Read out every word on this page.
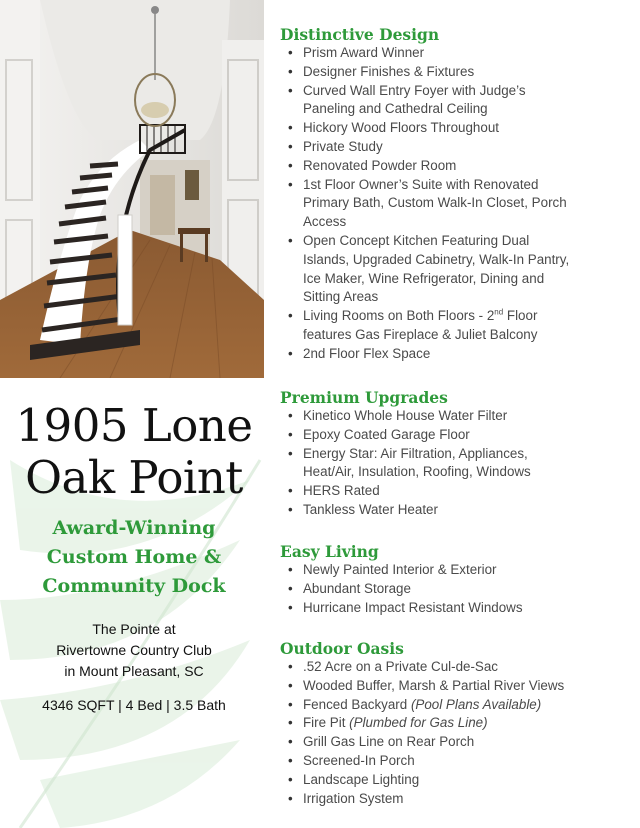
1905 Lone
Oak Point
Award-Winning
Custom Home &
Community Dock
The Pointe at
Rivertowne Country Club
in Mount Pleasant, SC
4346 SQFT | 4 Bed | 3.5 Bath
Distinctive Design
• Prism Award Winner
• Designer Finishes & Fixtures
• Curved Wall Entry Foyer with Judge’s
Paneling and Cathedral Ceiling
• Hickory Wood Floors Throughout
• Private Study
• Renovated Powder Room
• 1st Floor Owner’s Suite with Renovated
Primary Bath, Custom Walk-In Closet, Porch
Access
• Open Concept Kitchen Featuring Dual
Islands, Upgraded Cabinetry, Walk-In Pantry,
Ice Maker, Wine Refrigerator, Dining and
Sitting Areas
• Living Rooms on Both Floors - 2nd Floor
features Gas Fireplace & Juliet Balcony
• 2nd Floor Flex Space
Premium Upgrades
• Kinetico Whole House Water Filter
• Epoxy Coated Garage Floor
• Energy Star: Air Filtration, Appliances,
Heat/Air, Insulation, Roofing, Windows
• HERS Rated
• Tankless Water Heater
Easy Living
• Newly Painted Interior & Exterior
• Abundant Storage
• Hurricane Impact Resistant Windows
Outdoor Oasis
• .52 Acre on a Private Cul-de-Sac
• Wooded Buffer, Marsh & Partial River Views
• Fenced Backyard (Pool Plans Available)
• Fire Pit (Plumbed for Gas Line)
• Grill Gas Line on Rear Porch
• Screened-In Porch
• Landscape Lighting
• Irrigation System
